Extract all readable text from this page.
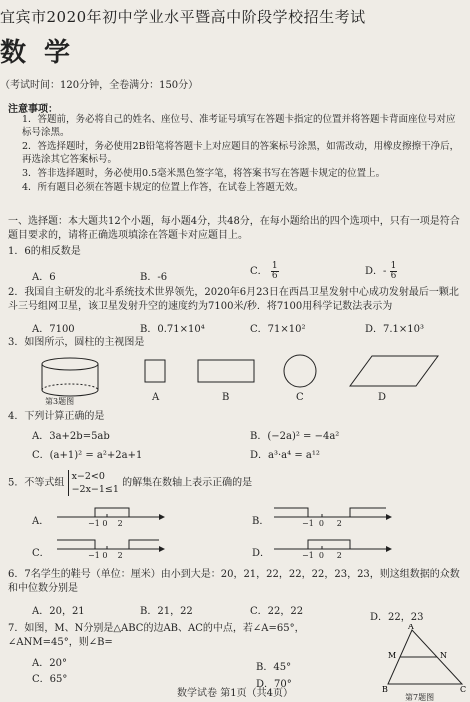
宜宾市2020年初中学业水平暨高中阶段学校招生考试
数学
（考试时间：120分钟，全卷满分：150分）
注意事项：
1．答题前，务必将自己的姓名、座位号、准考证号填写在答题卡指定的位置并将答题卡背面座位号对应标号涂黑。
2．答选择题时，务必使用2B铅笔将答题卡上对应题目的答案标号涂黑，如需改动，用橡皮擦擦干净后，再选涂其它答案标号。
3．答非选择题时，务必使用0.5毫米黑色签字笔，将答案书写在答题卡规定的位置上。
4．所有题目必须在答题卡规定的位置上作答，在试卷上答题无效。
一、选择题：本大题共12个小题，每小题4分，共48分，在每小题给出的四个选项中，只有一项是符合题目要求的，请将正确选项填涂在答题卡对应题目上。
1．6的相反数是
A．6	B．-6
C． $\frac{1}{6}$	D．- $\frac{1}{6}$
2．我国自主研发的北斗系统技术世界领先，2020年6月23日在西昌卫星发射中心成功发射最后一颗北斗三号组网卫星，该卫星发射升空的速度约为7100米/秒．将7100用科学记数法表示为
A．7100	B．0.71×10⁴	C．71×10²	D．7.1×10³
3．如图所示，圆柱的主视图是
第3题图	A	B	C	D
4．下列计算正确的是
A．3a+2b=5ab	B．(−2a)² = −4a²
C．(a+1)² = a²+2a+1	D．a³·a⁴ = a¹²
5．不等式组
x−2<0
−2x−1≤1
的解集在数轴上表示正确的是
A．	−1 0 2	B．	−1 0 2
C．	−1 0 2	D．	−1 0 2
6．7名学生的鞋号（单位：厘米）由小到大是：20，21，22，22，22，23，23，则这组数据的众数和中位数分别是
A．20，21	B．21，22	C．22，22
D．22，23
7．如图，M、N分别是△ABC的边AB、AC的中点，若∠A=65°，∠ANM=45°，则∠B=
A．20°	B．45°
C．65°	D．70°
A
B	C
M	N
第7题图
数学试卷 第1页（共4页）
